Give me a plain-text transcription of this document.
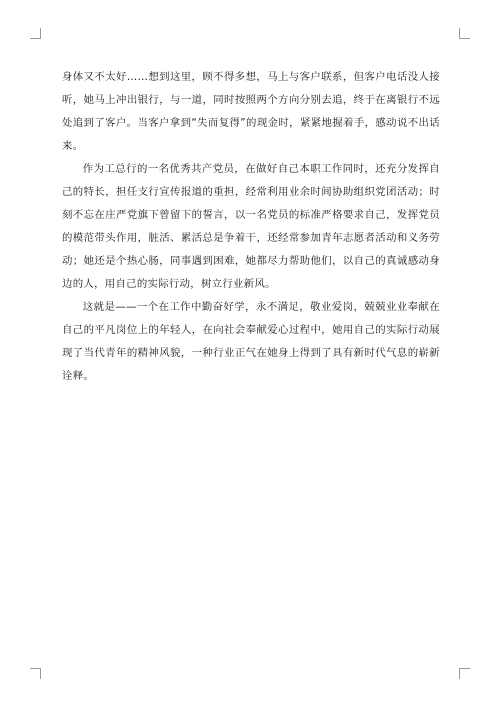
身体又不太好……想到这里，顾不得多想，马上与客户联系，但客户电话没人接听，她马上冲出银行，与一道，同时按照两个方向分别去追，终于在离银行不远处追到了客户。当客户拿到“失而复得”的现金时，紧紧地握着手，感动说不出话来。

作为工总行的一名优秀共产党员，在做好自己本职工作同时，还充分发挥自己的特长，担任支行宣传报道的重担，经常利用业余时间协助组织党团活动；时刻不忘在庄严党旗下曾留下的誓言，以一名党员的标准严格要求自己，发挥党员的模范带头作用，脏活、累活总是争着干，还经常参加青年志愿者活动和义务劳动；她还是个热心肠，同事遇到困难，她都尽力帮助他们，以自己的真诚感动身边的人，用自己的实际行动，树立行业新风。

这就是——一个在工作中勤奋好学，永不满足，敬业爱岗，兢兢业业奉献在自己的平凡岗位上的年轻人，在向社会奉献爱心过程中，她用自己的实际行动展现了当代青年的精神风貌，一种行业正气在她身上得到了具有新时代气息的崭新诠释。
